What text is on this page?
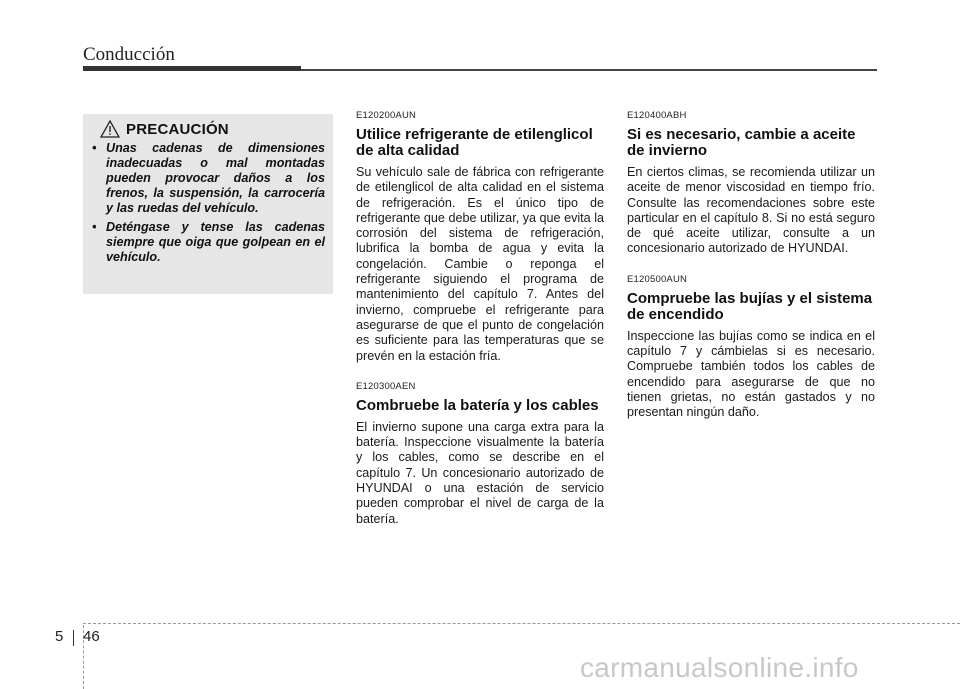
Conducción
PRECAUCIÓN
• Unas cadenas de dimensiones inadecuadas o mal montadas pueden provocar daños a los frenos, la suspensión, la carrocería y las ruedas del vehículo.
• Deténgase y tense las cadenas siempre que oiga que golpean en el vehículo.
E120200AUN
Utilice refrigerante de etilenglicol de alta calidad
Su vehículo sale de fábrica con refrigerante de etilenglicol de alta calidad en el sistema de refrigeración. Es el único tipo de refrigerante que debe utilizar, ya que evita la corrosión del sistema de refrigeración, lubrifica la bomba de agua y evita la congelación. Cambie o reponga el refrigerante siguiendo el programa de mantenimiento del capítulo 7. Antes del invierno, compruebe el refrigerante para asegurarse de que el punto de congelación es suficiente para las temperaturas que se prevén en la estación fría.
E120300AEN
Combruebe la batería y los cables
El invierno supone una carga extra para la batería. Inspeccione visualmente la batería y los cables, como se describe en el capítulo 7. Un concesionario autorizado de HYUNDAI o una estación de servicio pueden comprobar el nivel de carga de la batería.
E120400ABH
Si es necesario, cambie a aceite de invierno
En ciertos climas, se recomienda utilizar un aceite de menor viscosidad en tiempo frío. Consulte las recomendaciones sobre este particular en el capítulo 8. Si no está seguro de qué aceite utilizar, consulte a un concesionario autorizado de HYUNDAI.
E120500AUN
Compruebe las bujías y el sistema de encendido
Inspeccione las bujías como se indica en el capítulo 7 y cámbielas si es necesario. Compruebe también todos los cables de encendido para asegurarse de que no tienen grietas, no están gastados y no presentan ningún daño.
5 46
carmanualsonline.info
